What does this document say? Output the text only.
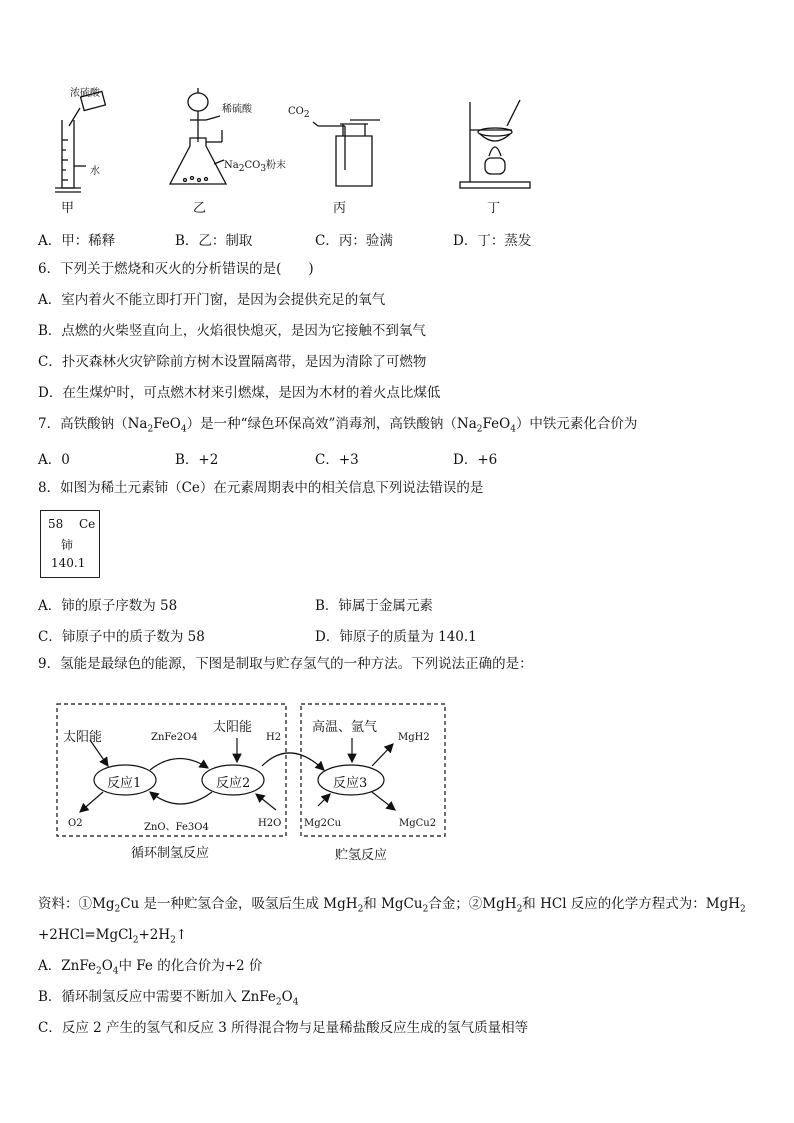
浓硫酸
水
稀硫酸
$Na_2CO_3$粉末
$CO_2$
甲	乙	丙	丁
A．甲：稀释	B．乙：制取	C．丙：验满	D．丁：蒸发
6．下列关于燃烧和灭火的分析错误的是(　　)
A．室内着火不能立即打开门窗，是因为会提供充足的氧气
B．点燃的火柴竖直向上，火焰很快熄灭，是因为它接触不到氧气
C．扑灭森林火灾铲除前方树木设置隔离带，是因为清除了可燃物
D．在生煤炉时，可点燃木材来引燃煤，是因为木材的着火点比煤低
7．高铁酸钠$(Na_2FeO_4)$是一种“绿色环保高效”消毒剂，高铁酸钠$(Na_2FeO_4)$中铁元素化合价为
A．0	B．+2	C．+3	D．+6
8．如图为稀土元素铈（Ce）在元素周期表中的相关信息下列说法错误的是
58 Ce
铈
140.1
A．铈的原子序数为 58	B．铈属于金属元素
C．铈原子中的质子数为 58	D．铈原子的质量为 140.1
9．氢能是最绿色的能源，下图是制取与贮存氢气的一种方法。下列说法正确的是：
太阳能
太阳能
ZnFe2O4	H2
高温、氩气
MgH2
反应1	反应2	反应3
O2	ZnO、Fe3O4	H2O Mg2Cu	MgCu2
循环制氢反应	贮氢反应
资料：$①Mg_2Cu$ 是一种贮氢合金，吸氢后生成 MgH$_2$和 MgCu$_2$合金；②MgH$_2$和 HCl 反应的化学方程式为：MgH$_2$
$+2HCl=MgCl_2+2H_2↑$
A．$ZnFe_2O_4$中 Fe 的化合价为+2 价
B．循环制氢反应中需要不断加入 $ZnFe_2O_4$
C．反应 2 产生的氢气和反应 3 所得混合物与足量稀盐酸反应生成的氢气质量相等
